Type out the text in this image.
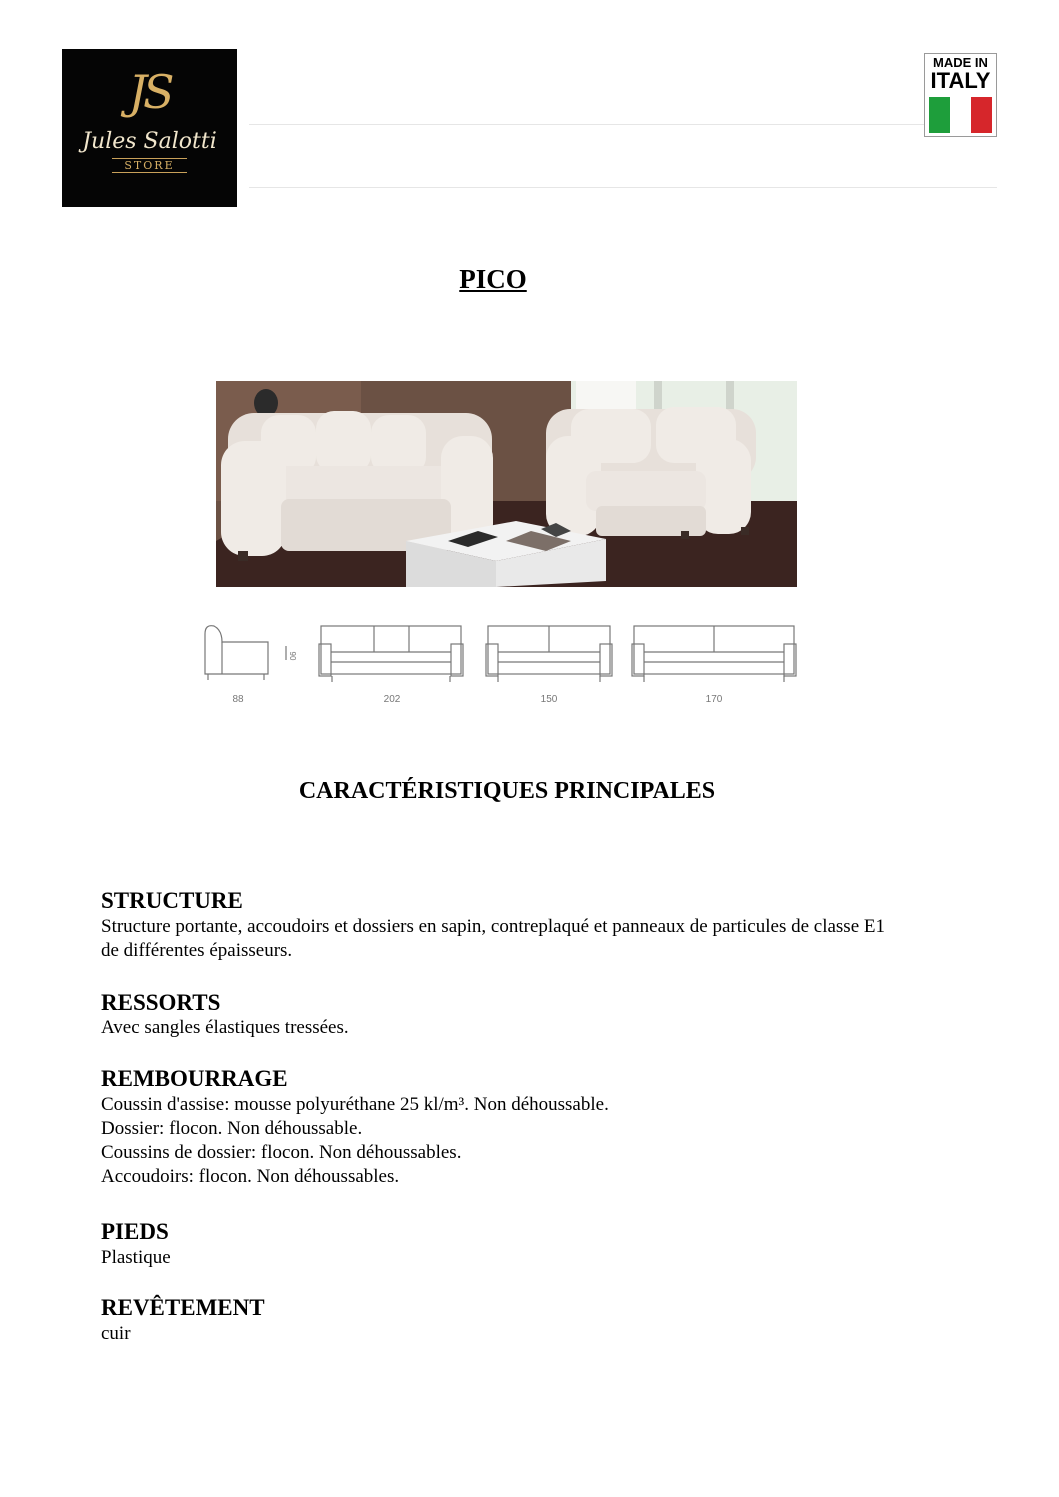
JS
Jules Salotti
STORE
MADE IN
ITALY
PICO
88	202	150	170
90
CARACTÉRISTIQUES PRINCIPALES
STRUCTURE
Structure portante, accoudoirs et dossiers en sapin, contreplaqué et panneaux de particules de classe E1
de différentes épaisseurs.
RESSORTS
Avec sangles élastiques tressées.
REMBOURRAGE
Coussin d'assise: mousse polyuréthane 25 kl/m³. Non déhoussable.
Dossier: flocon. Non déhoussable.
Coussins de dossier: flocon. Non déhoussables.
Accoudoirs: flocon. Non déhoussables.
PIEDS
Plastique
REVÊTEMENT
cuir
